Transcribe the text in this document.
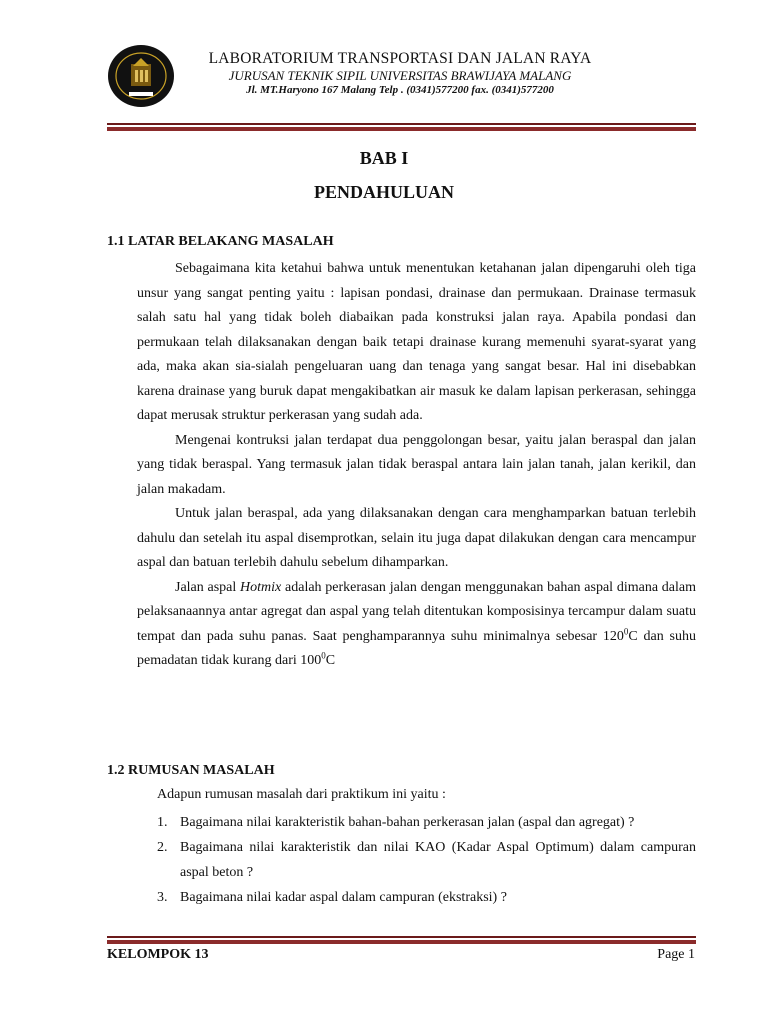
LABORATORIUM TRANSPORTASI DAN JALAN RAYA
JURUSAN TEKNIK SIPIL UNIVERSITAS BRAWIJAYA MALANG
Jl. MT.Haryono 167 Malang Telp . (0341)577200 fax. (0341)577200
BAB I
PENDAHULUAN
1.1 LATAR BELAKANG MASALAH

Sebagaimana kita ketahui bahwa untuk menentukan ketahanan jalan dipengaruhi oleh tiga unsur yang sangat penting yaitu : lapisan pondasi, drainase dan permukaan. Drainase termasuk salah satu hal yang tidak boleh diabaikan pada konstruksi jalan raya. Apabila pondasi dan permukaan telah dilaksanakan dengan baik tetapi drainase kurang memenuhi syarat-syarat yang ada, maka akan sia-sialah pengeluaran uang dan tenaga yang sangat besar. Hal ini disebabkan karena drainase yang buruk dapat mengakibatkan air masuk ke dalam lapisan perkerasan, sehingga dapat merusak struktur perkerasan yang sudah ada.

Mengenai kontruksi jalan terdapat dua penggolongan besar, yaitu jalan beraspal dan jalan yang tidak beraspal. Yang termasuk jalan tidak beraspal antara lain jalan tanah, jalan kerikil, dan jalan makadam.

Untuk jalan beraspal, ada yang dilaksanakan dengan cara menghamparkan batuan terlebih dahulu dan setelah itu aspal disemprotkan, selain itu juga dapat dilakukan dengan cara mencampur aspal dan batuan terlebih dahulu sebelum dihamparkan.

Jalan aspal Hotmix adalah perkerasan jalan dengan menggunakan bahan aspal dimana dalam pelaksanaannya antar agregat dan aspal yang telah ditentukan komposisinya tercampur dalam suatu tempat dan pada suhu panas. Saat penghamparannya suhu minimalnya sebesar $120^0C$ dan suhu pemadatan tidak kurang dari $100^0C$

1.2 RUMUSAN MASALAH
Adapun rumusan masalah dari praktikum ini yaitu :
1. Bagaimana nilai karakteristik bahan-bahan perkerasan jalan (aspal dan agregat) ?
2. Bagaimana nilai karakteristik dan nilai KAO (Kadar Aspal Optimum) dalam campuran aspal beton ?
3. Bagaimana nilai kadar aspal dalam campuran (ekstraksi) ?
KELOMPOK 13	Page 1
